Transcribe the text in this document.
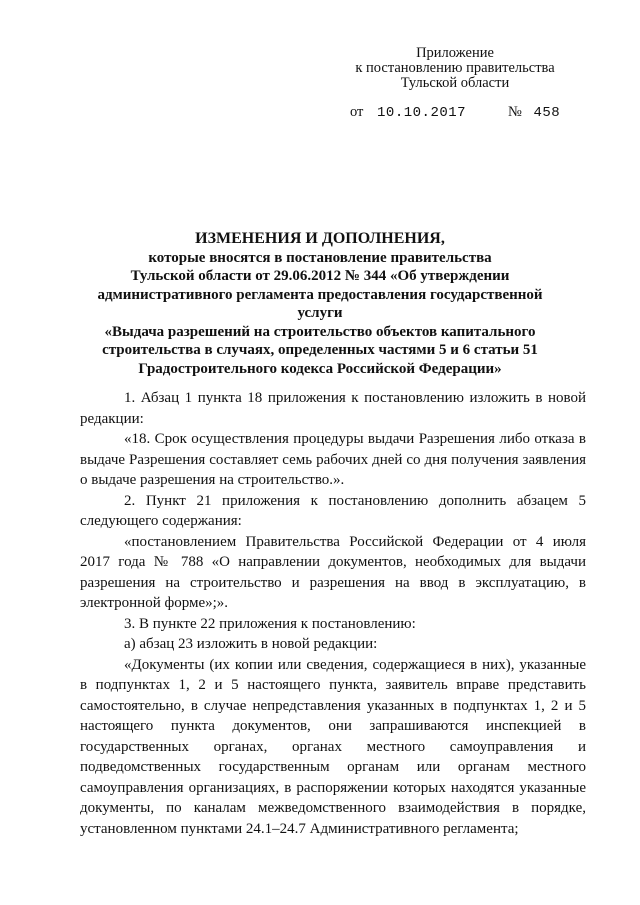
Приложение
к постановлению правительства
Тульской области
от 10.10.2017	№ 458
ИЗМЕНЕНИЯ И ДОПОЛНЕНИЯ,
которые вносятся в постановление правительства
Тульской области от 29.06.2012 № 344 «Об утверждении
административного регламента предоставления государственной услуги
«Выдача разрешений на строительство объектов капитального
строительства в случаях, определенных частями 5 и 6 статьи 51
Градостроительного кодекса Российской Федерации»

1. Абзац 1 пункта 18 приложения к постановлению изложить в новой редакции:

«18. Срок осуществления процедуры выдачи Разрешения либо отказа в выдаче Разрешения составляет семь рабочих дней со дня получения заявления о выдаче разрешения на строительство.».

2. Пункт 21 приложения к постановлению дополнить абзацем 5 следующего содержания:

«постановлением Правительства Российской Федерации от 4 июля 2017 года № 788 «О направлении документов, необходимых для выдачи разрешения на строительство и разрешения на ввод в эксплуатацию, в электронной форме»;».

3. В пункте 22 приложения к постановлению:

а) абзац 23 изложить в новой редакции:

«Документы (их копии или сведения, содержащиеся в них), указанные в подпунктах 1, 2 и 5 настоящего пункта, заявитель вправе представить самостоятельно, в случае непредставления указанных в подпунктах 1, 2 и 5 настоящего пункта документов, они запрашиваются инспекцией в государственных органах, органах местного самоуправления и подведомственных государственным органам или органам местного самоуправления организациях, в распоряжении которых находятся указанные документы, по каналам межведомственного взаимодействия в порядке, установленном пунктами 24.1–24.7 Административного регламента;
